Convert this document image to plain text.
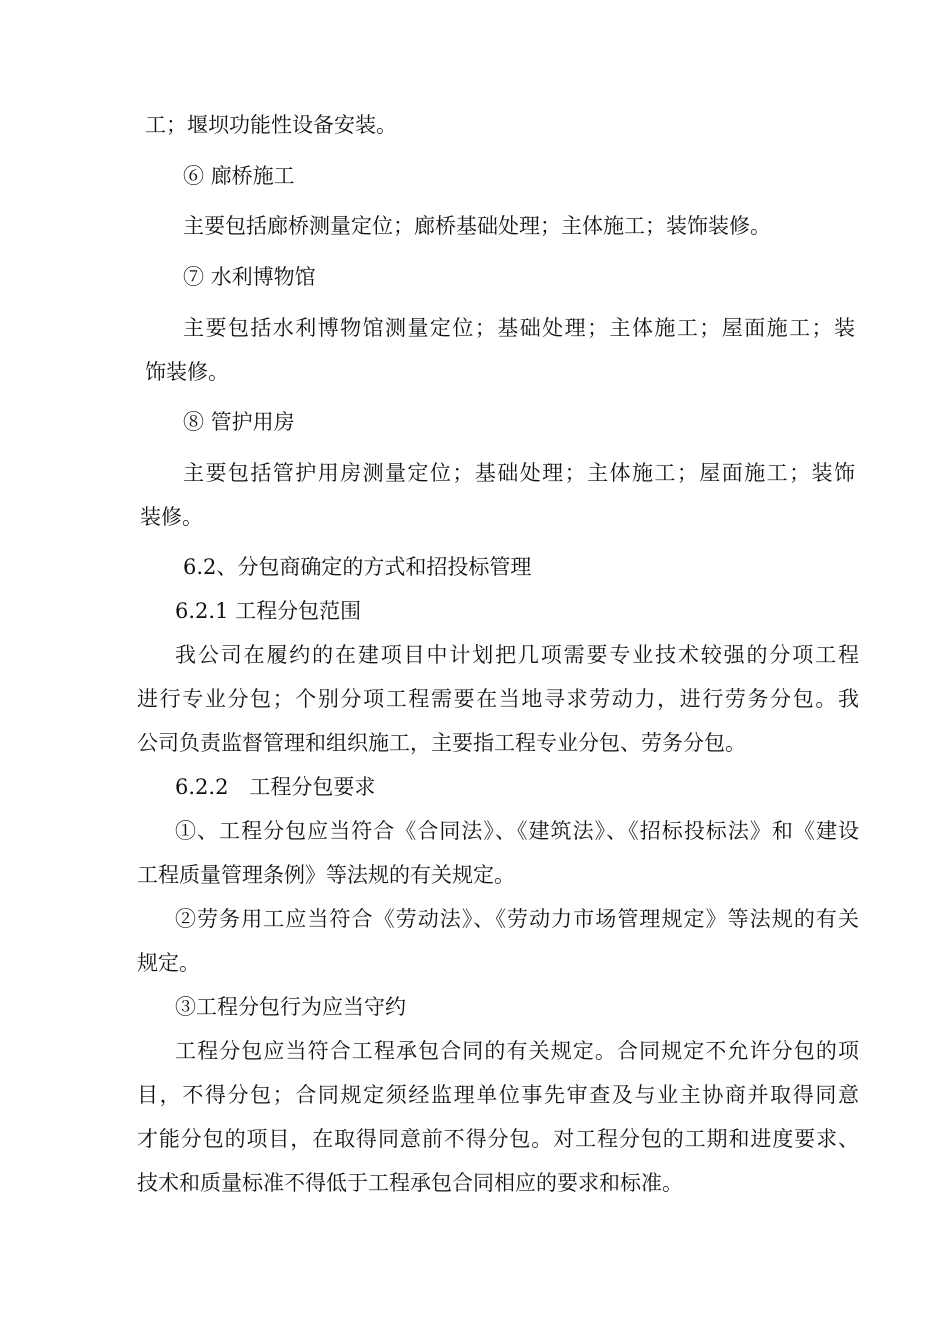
工；堰坝功能性设备安装。

⑥ 廊桥施工

主要包括廊桥测量定位；廊桥基础处理；主体施工；装饰装修。

⑦ 水利博物馆

主要包括水利博物馆测量定位；基础处理；主体施工；屋面施工；装

饰装修。

⑧ 管护用房

主要包括管护用房测量定位；基础处理；主体施工；屋面施工；装饰

装修。

6.2、分包商确定的方式和招投标管理

6.2.1 工程分包范围

我公司在履约的在建项目中计划把几项需要专业技术较强的分项工程

进行专业分包；个别分项工程需要在当地寻求劳动力，进行劳务分包。我

公司负责监督管理和组织施工，主要指工程专业分包、劳务分包。

6.2.2　工程分包要求

①、工程分包应当符合《合同法》、《建筑法》、《招标投标法》和《建设

工程质量管理条例》等法规的有关规定。

②劳务用工应当符合《劳动法》、《劳动力市场管理规定》等法规的有关

规定。

③工程分包行为应当守约

工程分包应当符合工程承包合同的有关规定。合同规定不允许分包的项

目，不得分包；合同规定须经监理单位事先审查及与业主协商并取得同意

才能分包的项目，在取得同意前不得分包。对工程分包的工期和进度要求、

技术和质量标准不得低于工程承包合同相应的要求和标准。
